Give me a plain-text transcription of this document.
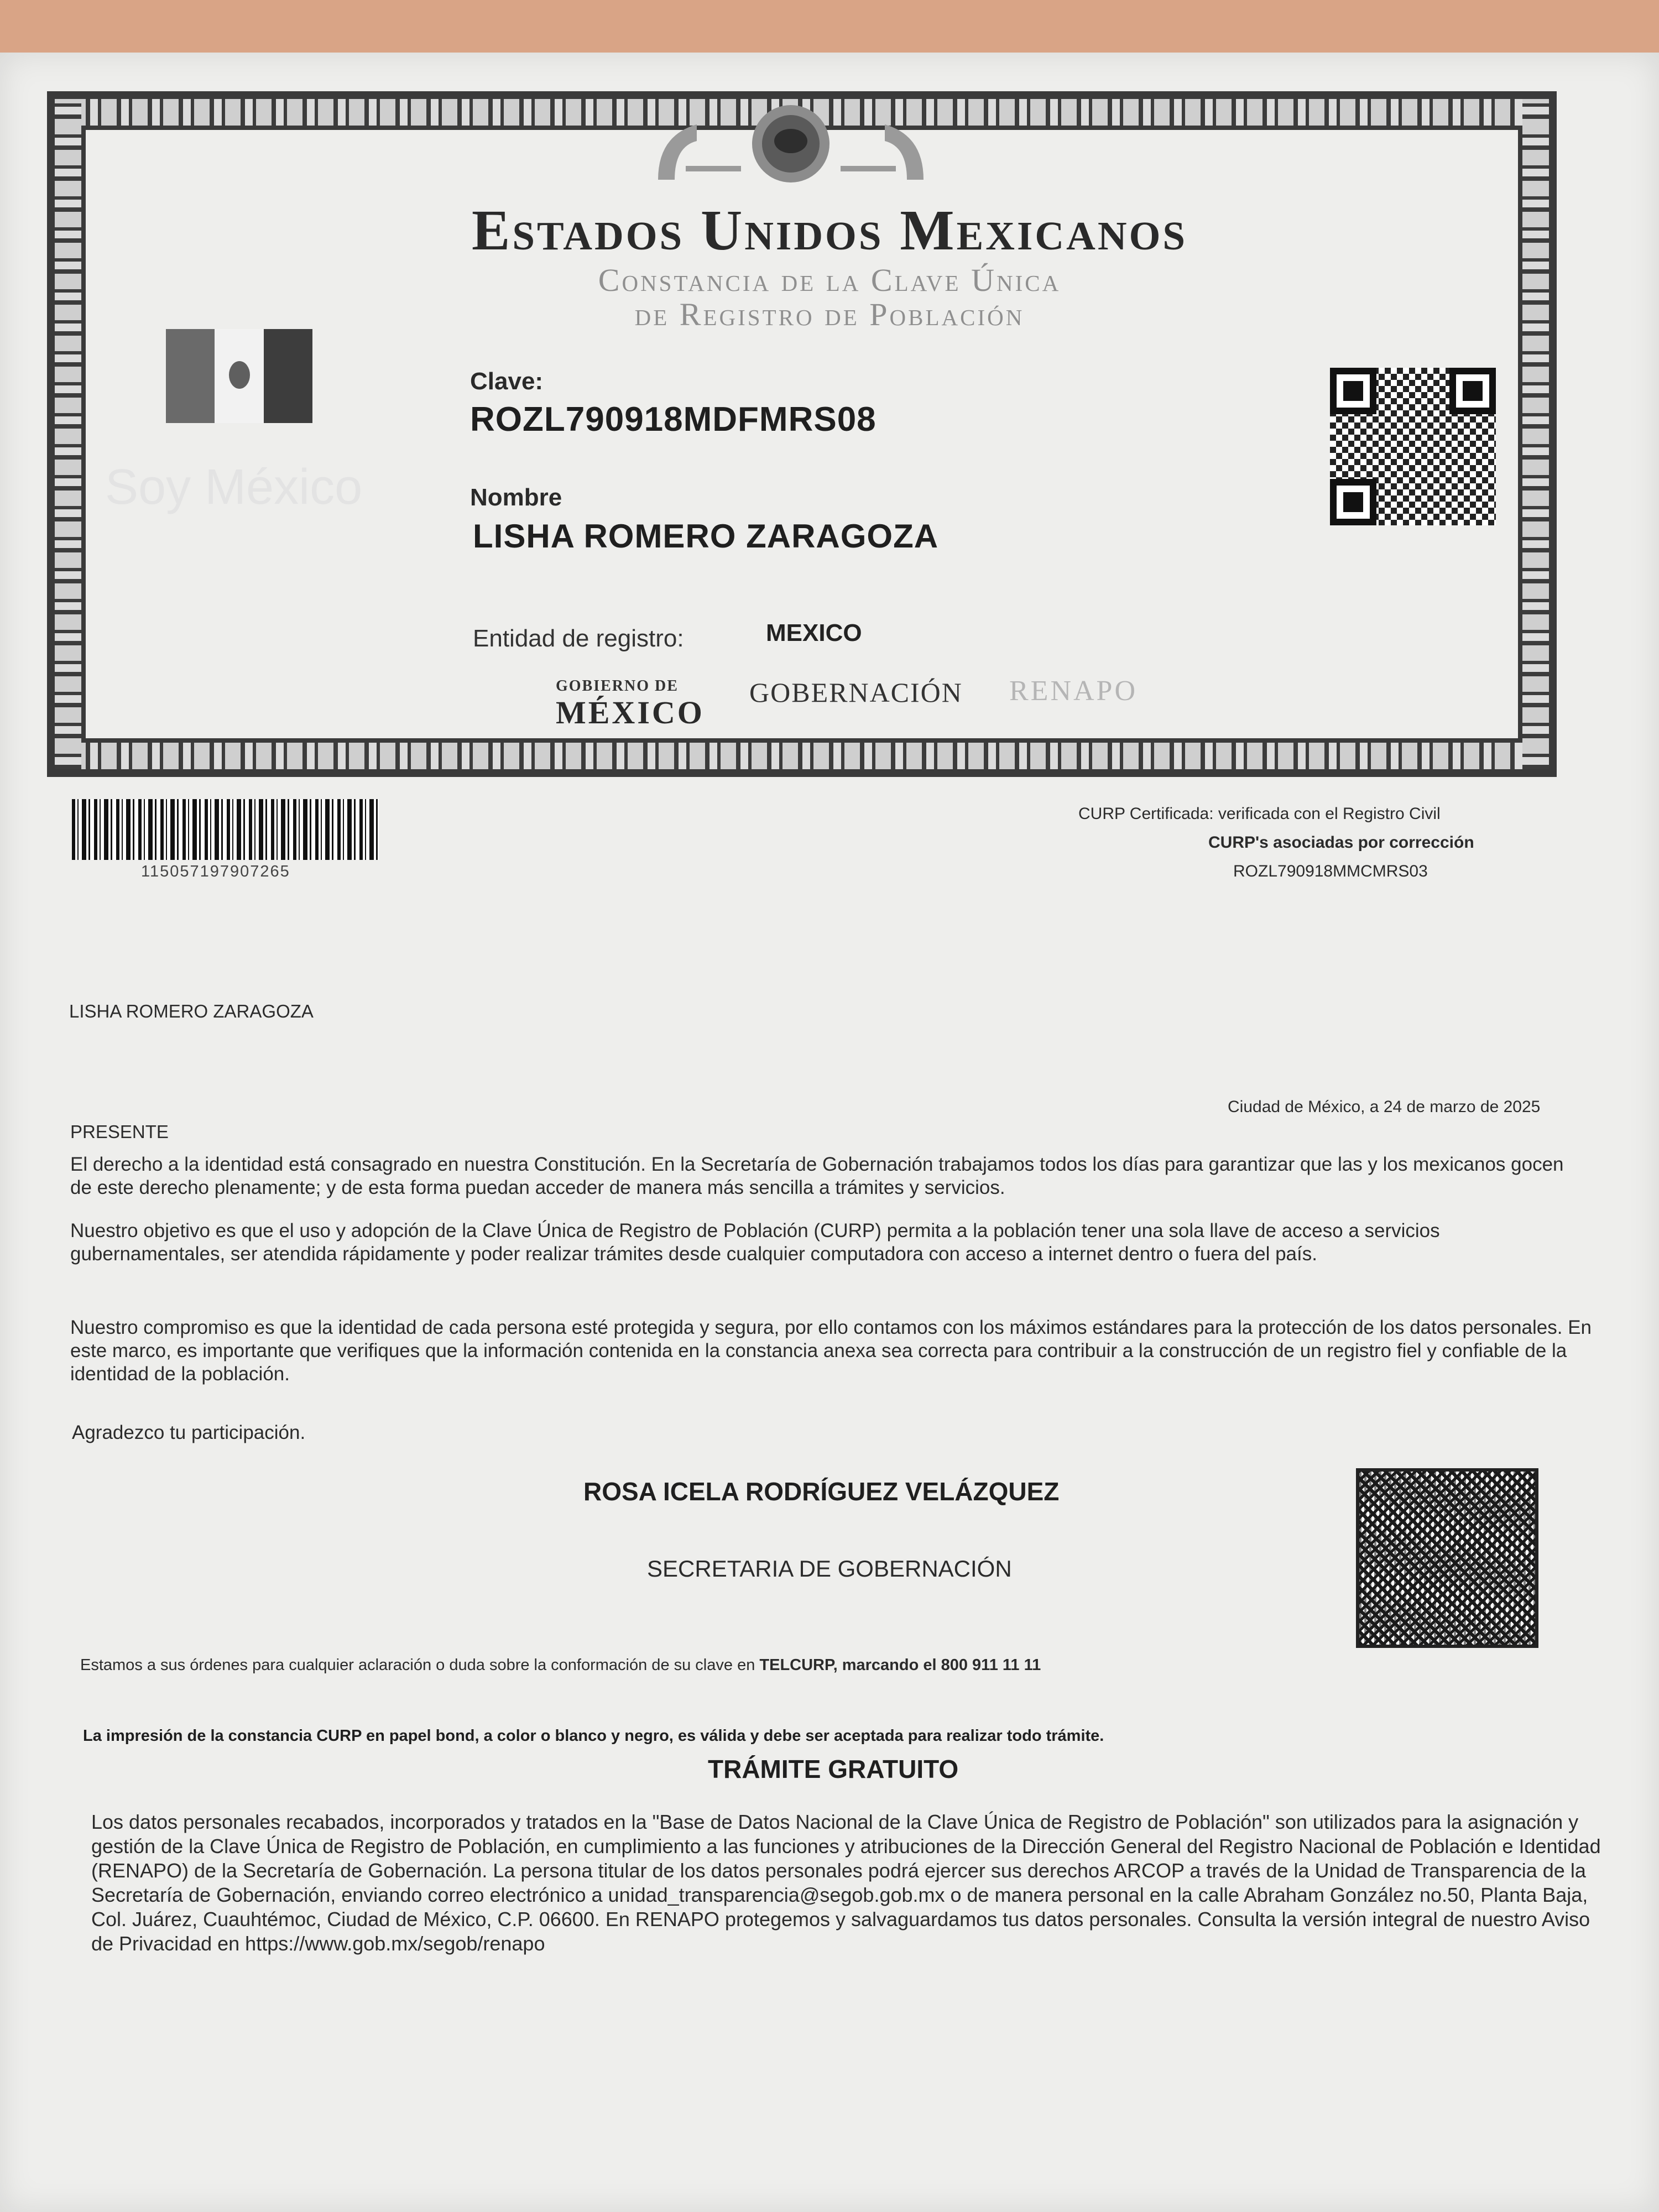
Estados Unidos Mexicanos
Constancia de la Clave Única
de Registro de Población
Soy México
Clave:
ROZL790918MDFMRS08
Nombre
LISHA ROMERO ZARAGOZA
Entidad de registro:	MEXICO
GOBIERNO DE
MÉXICO
GOBERNACIÓN RENAPO
115057197907265
CURP Certificada: verificada con el Registro Civil
CURP's asociadas por corrección
ROZL790918MMCMRS03
LISHA ROMERO ZARAGOZA
Ciudad de México, a 24 de marzo de 2025
PRESENTE
El derecho a la identidad está consagrado en nuestra Constitución. En la Secretaría de Gobernación trabajamos todos los días para garantizar que las y los mexicanos gocen de este derecho plenamente; y de esta forma puedan acceder de manera más sencilla a trámites y servicios.
Nuestro objetivo es que el uso y adopción de la Clave Única de Registro de Población (CURP) permita a la población tener una sola llave de acceso a servicios gubernamentales, ser atendida rápidamente y poder realizar trámites desde cualquier computadora con acceso a internet dentro o fuera del país.
Nuestro compromiso es que la identidad de cada persona esté protegida y segura, por ello contamos con los máximos estándares para la protección de los datos personales. En este marco, es importante que verifiques que la información contenida en la constancia anexa sea correcta para contribuir a la construcción de un registro fiel y confiable de la identidad de la población.
Agradezco tu participación.
ROSA ICELA RODRÍGUEZ VELÁZQUEZ
SECRETARIA DE GOBERNACIÓN
Estamos a sus órdenes para cualquier aclaración o duda sobre la conformación de su clave en TELCURP, marcando el 800 911 11 11
La impresión de la constancia CURP en papel bond, a color o blanco y negro, es válida y debe ser aceptada para realizar todo trámite.
TRÁMITE GRATUITO
Los datos personales recabados, incorporados y tratados en la "Base de Datos Nacional de la Clave Única de Registro de Población" son utilizados para la asignación y gestión de la Clave Única de Registro de Población, en cumplimiento a las funciones y atribuciones de la Dirección General del Registro Nacional de Población e Identidad (RENAPO) de la Secretaría de Gobernación. La persona titular de los datos personales podrá ejercer sus derechos ARCOP a través de la Unidad de Transparencia de la Secretaría de Gobernación, enviando correo electrónico a unidad_transparencia@segob.gob.mx o de manera personal en la calle Abraham González no.50, Planta Baja, Col. Juárez, Cuauhtémoc, Ciudad de México, C.P. 06600. En RENAPO protegemos y salvaguardamos tus datos personales. Consulta la versión integral de nuestro Aviso de Privacidad en https://www.gob.mx/segob/renapo
